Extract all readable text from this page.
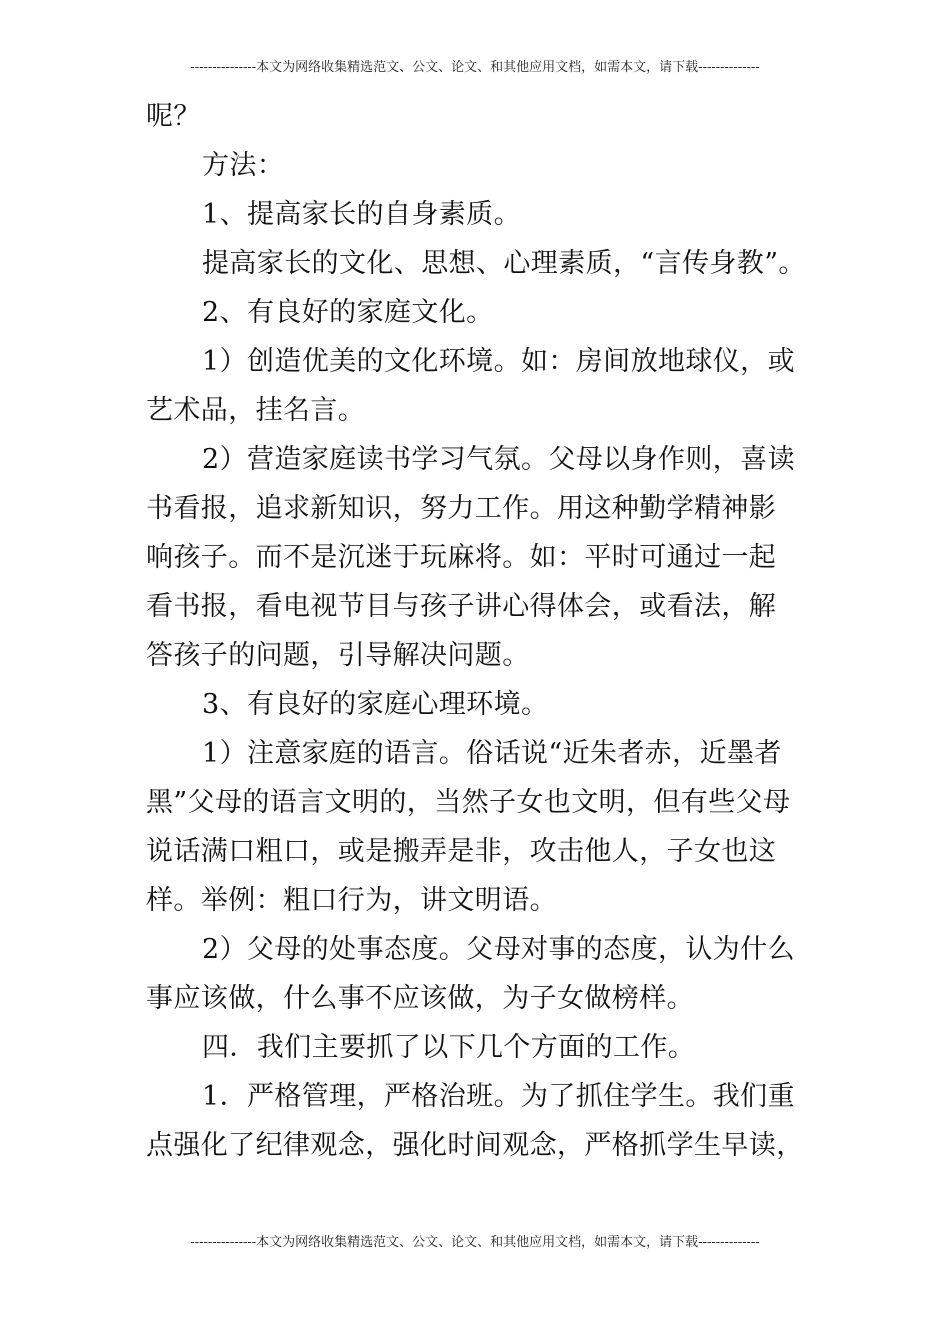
---------------本文为网络收集精选范文、公文、论文、和其他应用文档，如需本文，请下载--------------
呢？
方法：
1、提高家长的自身素质。
提高家长的文化、思想、心理素质，“言传身教”。
2、有良好的家庭文化。
1）创造优美的文化环境。如：房间放地球仪，或
艺术品，挂名言。
2）营造家庭读书学习气氛。父母以身作则，喜读
书看报，追求新知识，努力工作。用这种勤学精神影
响孩子。而不是沉迷于玩麻将。如：平时可通过一起
看书报，看电视节目与孩子讲心得体会，或看法，解
答孩子的问题，引导解决问题。
3、有良好的家庭心理环境。
1）注意家庭的语言。俗话说“近朱者赤，近墨者
黑”父母的语言文明的，当然子女也文明，但有些父母
说话满口粗口，或是搬弄是非，攻击他人，子女也这
样。举例：粗口行为，讲文明语。
2）父母的处事态度。父母对事的态度，认为什么
事应该做，什么事不应该做，为子女做榜样。
四．我们主要抓了以下几个方面的工作。
1．严格管理，严格治班。为了抓住学生。我们重
点强化了纪律观念，强化时间观念，严格抓学生早读，
---------------本文为网络收集精选范文、公文、论文、和其他应用文档，如需本文，请下载--------------
